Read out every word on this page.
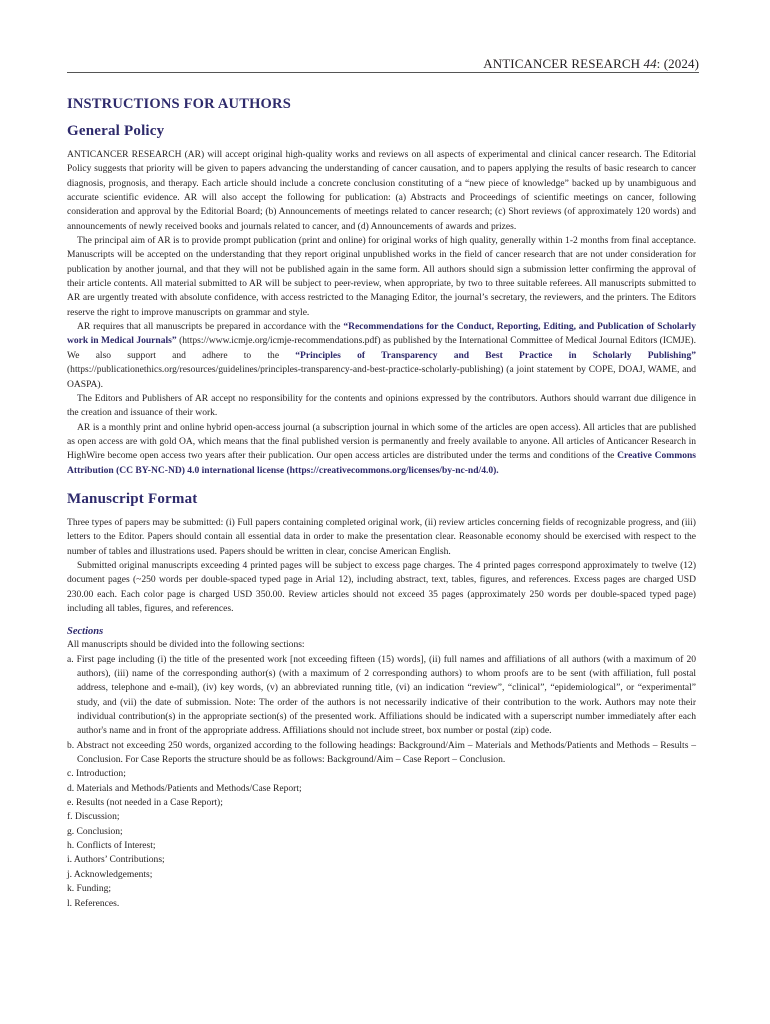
ANTICANCER RESEARCH 44: (2024)
INSTRUCTIONS FOR AUTHORS
General Policy

ANTICANCER RESEARCH (AR) will accept original high-quality works and reviews on all aspects of experimental and clinical cancer research. The Editorial Policy suggests that priority will be given to papers advancing the understanding of cancer causation, and to papers applying the results of basic research to cancer diagnosis, prognosis, and therapy. Each article should include a concrete conclusion constituting of a “new piece of knowledge” backed up by unambiguous and accurate scientific evidence. AR will also accept the following for publication: (a) Abstracts and Proceedings of scientific meetings on cancer, following consideration and approval by the Editorial Board; (b) Announcements of meetings related to cancer research; (c) Short reviews (of approximately 120 words) and announcements of newly received books and journals related to cancer, and (d) Announcements of awards and prizes.

The principal aim of AR is to provide prompt publication (print and online) for original works of high quality, generally within 1-2 months from final acceptance. Manuscripts will be accepted on the understanding that they report original unpublished works in the field of cancer research that are not under consideration for publication by another journal, and that they will not be published again in the same form. All authors should sign a submission letter confirming the approval of their article contents. All material submitted to AR will be subject to peer-review, when appropriate, by two to three suitable referees. All manuscripts submitted to AR are urgently treated with absolute confidence, with access restricted to the Managing Editor, the journal’s secretary, the reviewers, and the printers. The Editors reserve the right to improve manuscripts on grammar and style.

AR requires that all manuscripts be prepared in accordance with the “Recommendations for the Conduct, Reporting, Editing, and Publication of Scholarly work in Medical Journals” (https://www.icmje.org/icmje-recommendations.pdf) as published by the International Committee of Medical Journal Editors (ICMJE). We also support and adhere to the “Principles of Transparency and Best Practice in Scholarly Publishing” (https://publicationethics.org/resources/guidelines/principles-transparency-and-best-practice-scholarly-publishing) (a joint statement by COPE, DOAJ, WAME, and OASPA).

The Editors and Publishers of AR accept no responsibility for the contents and opinions expressed by the contributors. Authors should warrant due diligence in the creation and issuance of their work.

AR is a monthly print and online hybrid open-access journal (a subscription journal in which some of the articles are open access). All articles that are published as open access are with gold OA, which means that the final published version is permanently and freely available to anyone. All articles of Anticancer Research in HighWire become open access two years after their publication. Our open access articles are distributed under the terms and conditions of the Creative Commons Attribution (CC BY-NC-ND) 4.0 international license (https://creativecommons.org/licenses/by-nc-nd/4.0).

Manuscript Format

Three types of papers may be submitted: (i) Full papers containing completed original work, (ii) review articles concerning fields of recognizable progress, and (iii) letters to the Editor. Papers should contain all essential data in order to make the presentation clear. Reasonable economy should be exercised with respect to the number of tables and illustrations used. Papers should be written in clear, concise American English.

Submitted original manuscripts exceeding 4 printed pages will be subject to excess page charges. The 4 printed pages correspond approximately to twelve (12) document pages (~250 words per double-spaced typed page in Arial 12), including abstract, text, tables, figures, and references. Excess pages are charged USD 230.00 each. Each color page is charged USD 350.00. Review articles should not exceed 35 pages (approximately 250 words per double-spaced typed page) including all tables, figures, and references.

Sections

All manuscripts should be divided into the following sections:

a. First page including (i) the title of the presented work [not exceeding fifteen (15) words], (ii) full names and affiliations of all authors (with a maximum of 20 authors), (iii) name of the corresponding author(s) (with a maximum of 2 corresponding authors) to whom proofs are to be sent (with affiliation, full postal address, telephone and e-mail), (iv) key words, (v) an abbreviated running title, (vi) an indication “review”, “clinical”, “epidemiological”, or “experimental” study, and (vii) the date of submission. Note: The order of the authors is not necessarily indicative of their contribution to the work. Authors may note their individual contribution(s) in the appropriate section(s) of the presented work. Affiliations should be indicated with a superscript number immediately after each author's name and in front of the appropriate address. Affiliations should not include street, box number or postal (zip) code.
b. Abstract not exceeding 250 words, organized according to the following headings: Background/Aim – Materials and Methods/Patients and Methods – Results – Conclusion. For Case Reports the structure should be as follows: Background/Aim – Case Report – Conclusion.
c. Introduction;
d. Materials and Methods/Patients and Methods/Case Report;
e. Results (not needed in a Case Report);
f. Discussion;
g. Conclusion;
h. Conflicts of Interest;
i. Authors’ Contributions;
j. Acknowledgements;
k. Funding;
l. References.
